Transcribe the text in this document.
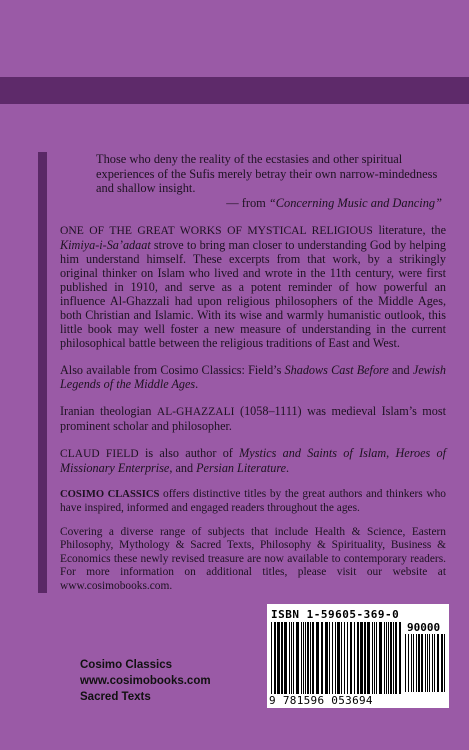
Those who deny the reality of the ecstasies and other spiritual experiences of the Sufis merely betray their own narrow-mindedness and shallow insight.
— from “Concerning Music and Dancing”

ONE OF THE GREAT WORKS OF MYSTICAL RELIGIOUS literature, the Kimiya-i-Sa’adaat strove to bring man closer to understanding God by helping him understand himself. These excerpts from that work, by a strikingly original thinker on Islam who lived and wrote in the 11th century, were first published in 1910, and serve as a potent reminder of how powerful an influence Al-Ghazzali had upon religious philosophers of the Middle Ages, both Christian and Islamic. With its wise and warmly humanistic outlook, this little book may well foster a new measure of understanding in the current philosophical battle between the religious traditions of East and West.

Also available from Cosimo Classics: Field’s Shadows Cast Before and Jewish Legends of the Middle Ages.

Iranian theologian AL-GHAZZALI (1058–1111) was medieval Islam’s most prominent scholar and philosopher.

CLAUD FIELD is also author of Mystics and Saints of Islam, Heroes of Missionary Enterprise, and Persian Literature.

COSIMO CLASSICS offers distinctive titles by the great authors and thinkers who have inspired, informed and engaged readers throughout the ages.

Covering a diverse range of subjects that include Health & Science, Eastern Philosophy, Mythology & Sacred Texts, Philosophy & Spirituality, Business & Economics these newly revised treasure are now available to contemporary readers. For more information on additional titles, please visit our website at www.cosimobooks.com.

ISBN 1-59605-369-0
90000
9 781596 053694
Cosimo Classics
www.cosimobooks.com
Sacred Texts
